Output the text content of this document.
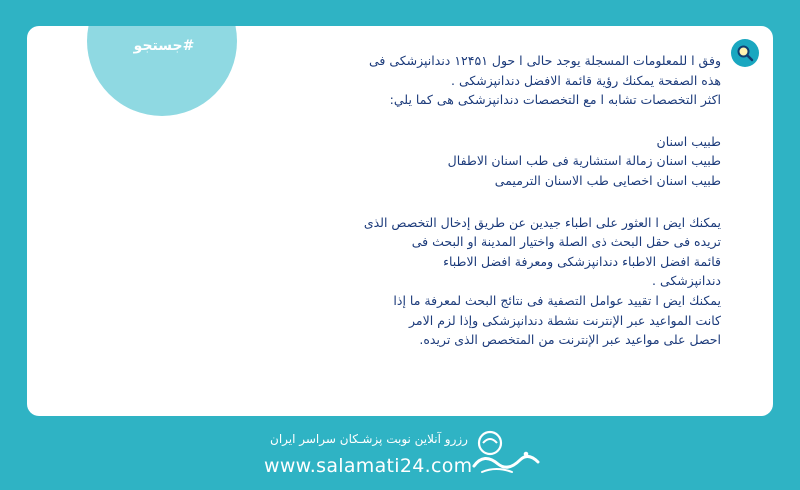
#جستجو

وفق ا للمعلومات المسجلة يوجد حالی ا حول ۱۲۴۵۱ دندانپزشکی فی

هذه الصفحة يمكنك رؤية قائمة الافضل دندانپزشکی .

اكثر التخصصات تشابه ا مع التخصصات دندانپزشکی هی كما يلي:

طبيب اسنان

طبيب اسنان زمالة استشارية فی طب اسنان الاطفال

طبيب اسنان اخصايی طب الاسنان الترميمی

يمكنك ايض ا العثور على اطباء جيدين عن طريق إدخال التخصص الذی

تريده فی حقل البحث ذی الصلة واختيار المدينة او البحث فی

قائمة افضل الاطباء دندانپزشکی ومعرفة افضل الاطباء

دندانپزشکی .

يمكنك ايض ا تقييد عوامل التصفية فی نتائج البحث لمعرفة ما إذا

كانت المواعيد عبر الإنترنت نشطة دندانپزشکی وإذا لزم الامر

احصل على مواعيد عبر الإنترنت من المتخصص الذی تريده.

رزرو آنلاین نوبت پزشـکان سراسر ایران
www.salamati24.com
